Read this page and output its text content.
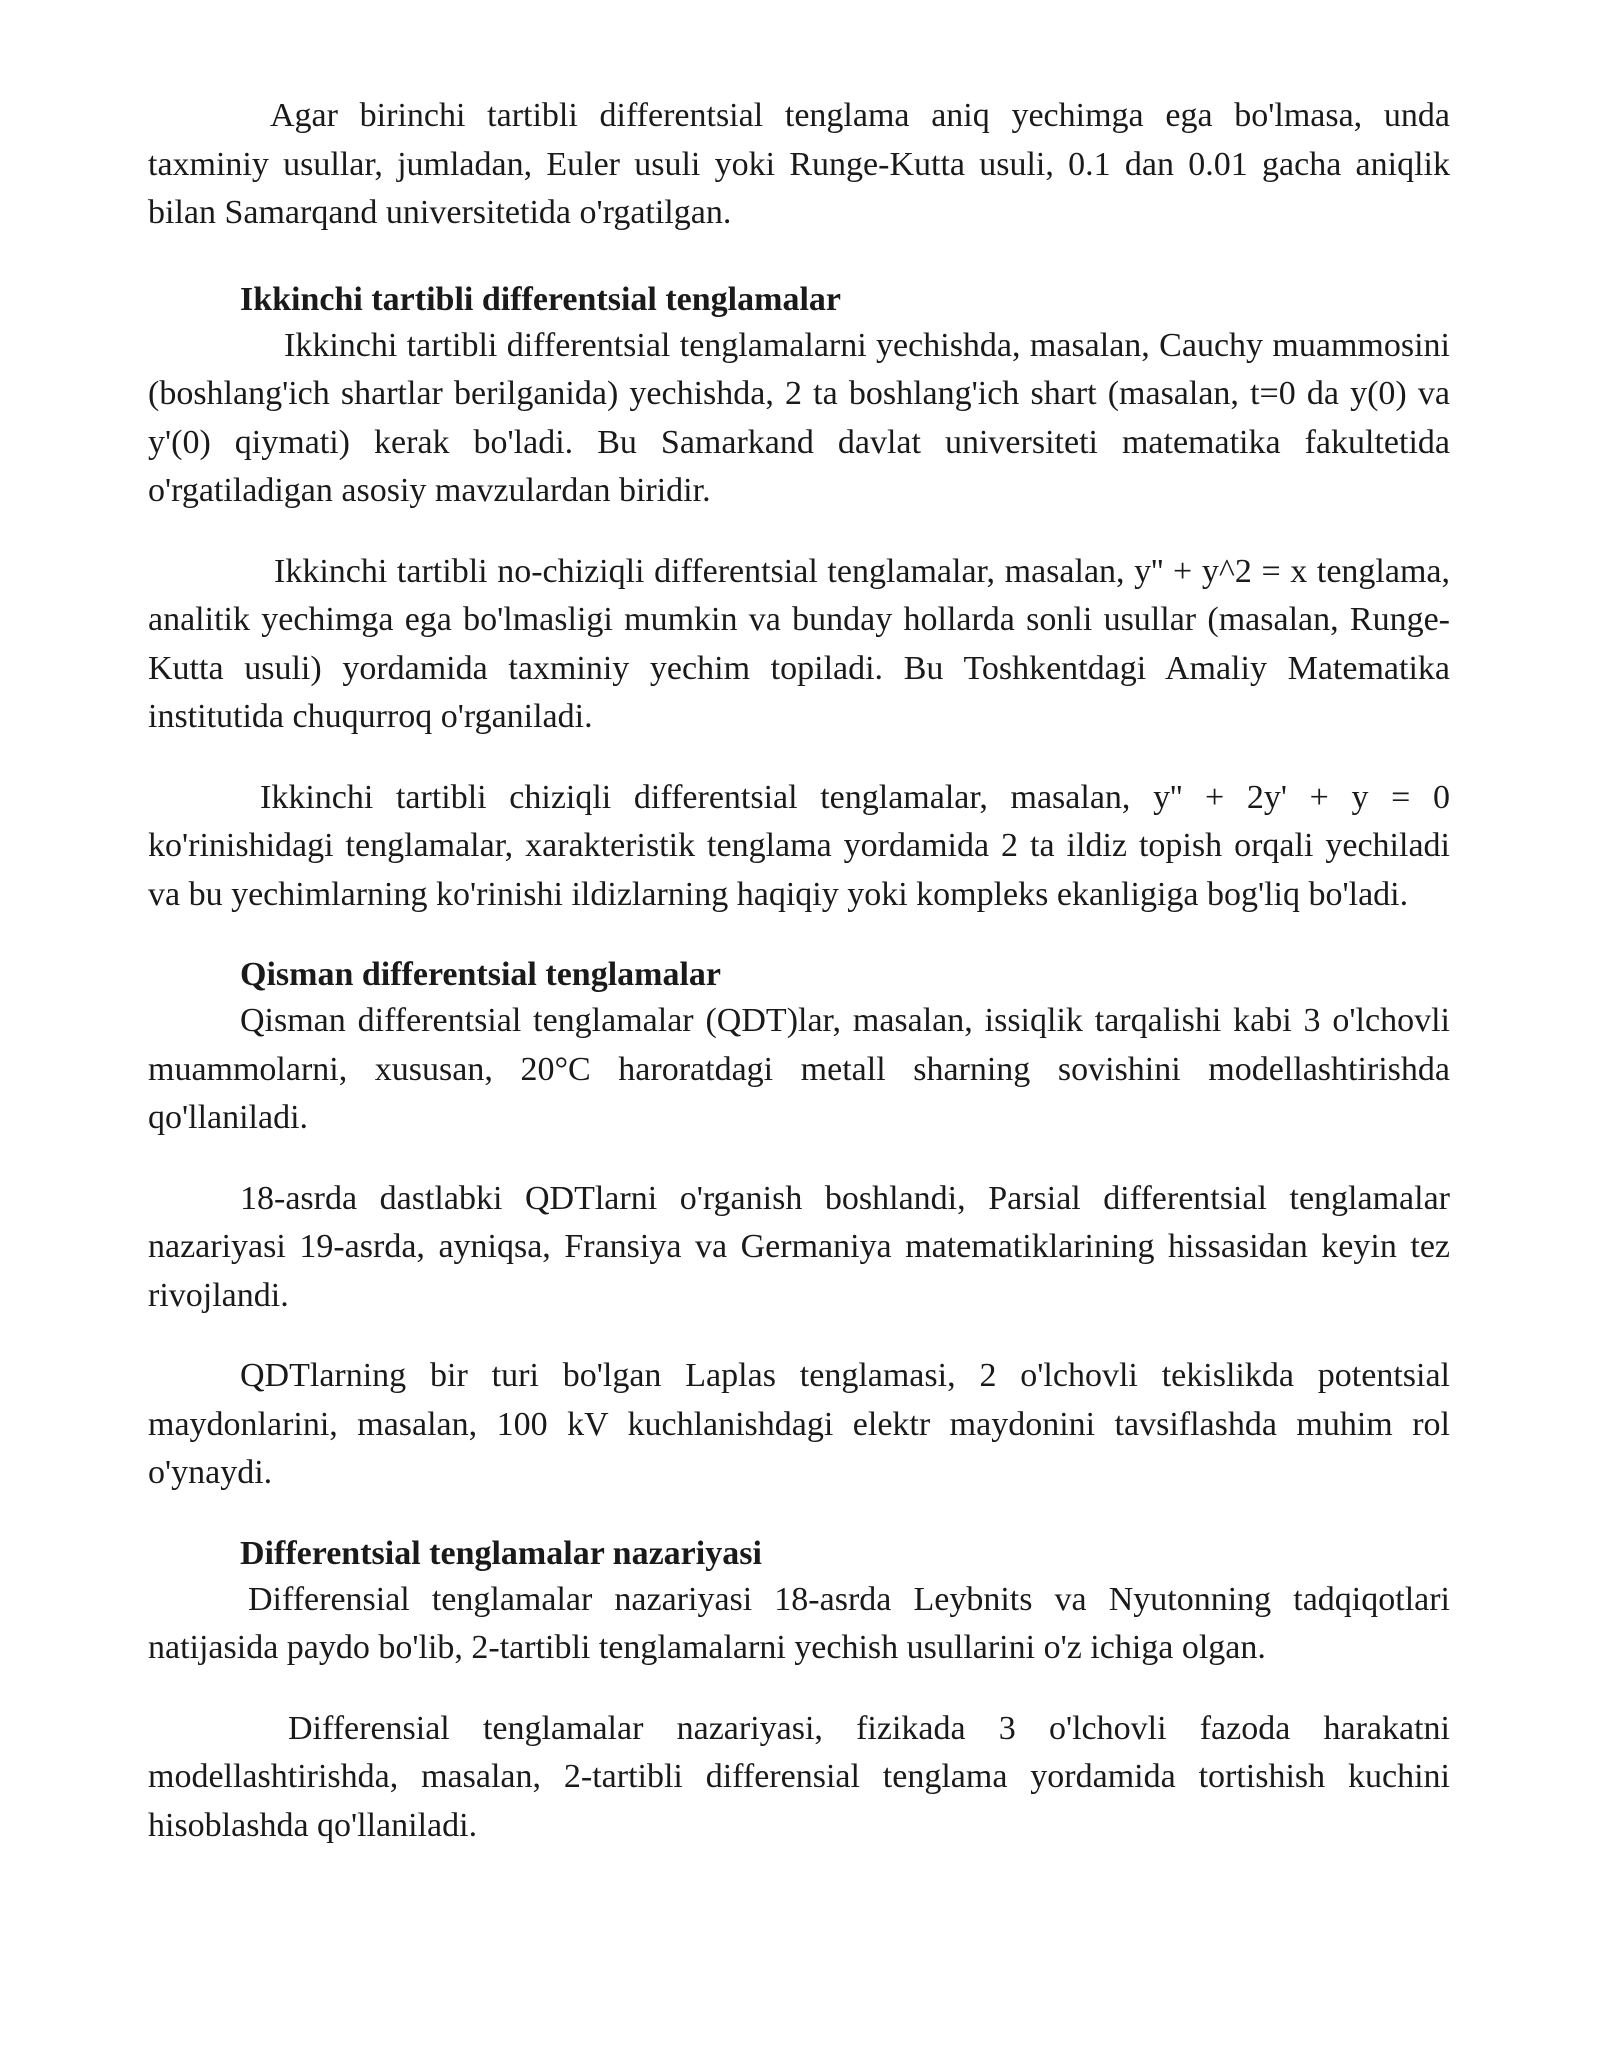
Agar birinchi tartibli differentsial tenglama aniq yechimga ega bo'lmasa, unda taxminiy usullar, jumladan, Euler usuli yoki Runge-Kutta usuli, 0.1 dan 0.01 gacha aniqlik bilan Samarqand universitetida o'rgatilgan.

Ikkinchi tartibli differentsial tenglamalar

Ikkinchi tartibli differentsial tenglamalarni yechishda, masalan, Cauchy muammosini (boshlang'ich shartlar berilganida) yechishda, 2 ta boshlang'ich shart (masalan, t=0 da y(0) va y'(0) qiymati) kerak bo'ladi. Bu Samarkand davlat universiteti matematika fakultetida o'rgatiladigan asosiy mavzulardan biridir.

Ikkinchi tartibli no-chiziqli differentsial tenglamalar, masalan, y'' + y^2 = x tenglama, analitik yechimga ega bo'lmasligi mumkin va bunday hollarda sonli usullar (masalan, Runge-Kutta usuli) yordamida taxminiy yechim topiladi. Bu Toshkentdagi Amaliy Matematika institutida chuqurroq o'rganiladi.

Ikkinchi tartibli chiziqli differentsial tenglamalar, masalan, y'' + 2y' + y = 0 ko'rinishidagi tenglamalar, xarakteristik tenglama yordamida 2 ta ildiz topish orqali yechiladi va bu yechimlarning ko'rinishi ildizlarning haqiqiy yoki kompleks ekanligiga bog'liq bo'ladi.

Qisman differentsial tenglamalar

Qisman differentsial tenglamalar (QDT)lar, masalan, issiqlik tarqalishi kabi 3 o'lchovli muammolarni, xususan, 20°C haroratdagi metall sharning sovishini modellashtirishda qo'llaniladi.

18-asrda dastlabki QDTlarni o'rganish boshlandi, Parsial differentsial tenglamalar nazariyasi 19-asrda, ayniqsa, Fransiya va Germaniya matematiklarining hissasidan keyin tez rivojlandi.

QDTlarning bir turi bo'lgan Laplas tenglamasi, 2 o'lchovli tekislikda potentsial maydonlarini, masalan, 100 kV kuchlanishdagi elektr maydonini tavsiflashda muhim rol o'ynaydi.

Differentsial tenglamalar nazariyasi

Differensial tenglamalar nazariyasi 18-asrda Leybnits va Nyutonning tadqiqotlari natijasida paydo bo'lib, 2-tartibli tenglamalarni yechish usullarini o'z ichiga olgan.

Differensial tenglamalar nazariyasi, fizikada 3 o'lchovli fazoda harakatni modellashtirishda, masalan, 2-tartibli differensial tenglama yordamida tortishish kuchini hisoblashda qo'llaniladi.
